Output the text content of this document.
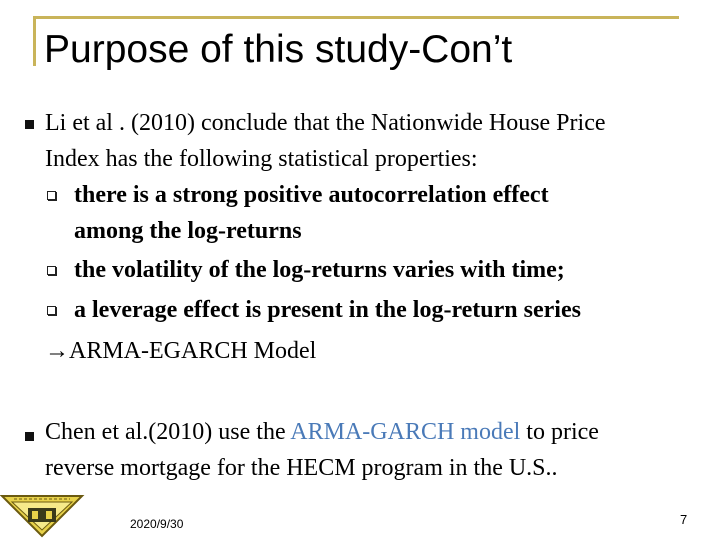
Purpose of this study-Con’t
Li et al . (2010) conclude that the Nationwide House Price
Index has the following statistical properties:
there is a strong positive autocorrelation effect
among the log-returns
the volatility of the log-returns varies with time;
a leverage effect is present in the log-return series
→ARMA-EGARCH Model
Chen et al.(2010) use the ARMA-GARCH model to price
reverse mortgage for the HECM program in the U.S..
2020/9/30	7
